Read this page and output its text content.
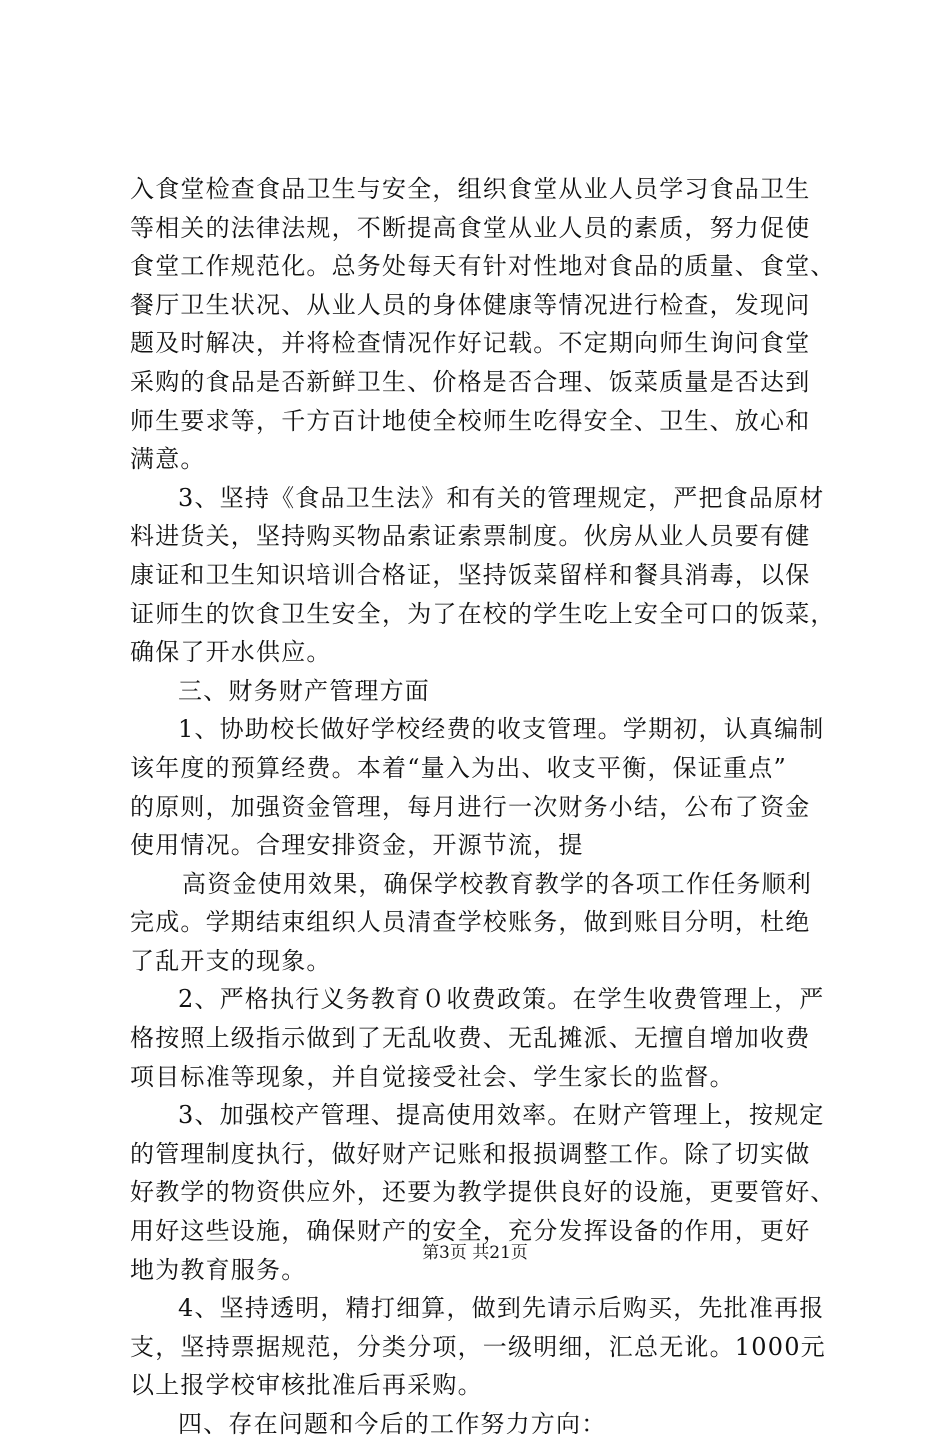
入食堂检查食品卫生与安全，组织食堂从业人员学习食品卫生
等相关的法律法规，不断提高食堂从业人员的素质，努力促使
食堂工作规范化。总务处每天有针对性地对食品的质量、食堂、
餐厅卫生状况、从业人员的身体健康等情况进行检查，发现问
题及时解决，并将检查情况作好记载。不定期向师生询问食堂
采购的食品是否新鲜卫生、价格是否合理、饭菜质量是否达到
师生要求等，千方百计地使全校师生吃得安全、卫生、放心和
满意。
3、坚持《食品卫生法》和有关的管理规定，严把食品原材
料进货关，坚持购买物品索证索票制度。伙房从业人员要有健
康证和卫生知识培训合格证，坚持饭菜留样和餐具消毒，以保
证师生的饮食卫生安全，为了在校的学生吃上安全可口的饭菜，
确保了开水供应。
三、财务财产管理方面
1、协助校长做好学校经费的收支管理。学期初，认真编制
该年度的预算经费。本着“量入为出、收支平衡，保证重点”
的原则，加强资金管理，每月进行一次财务小结，公布了资金
使用情况。合理安排资金，开源节流，提
高资金使用效果，确保学校教育教学的各项工作任务顺利
完成。学期结束组织人员清查学校账务，做到账目分明，杜绝
了乱开支的现象。
2、严格执行义务教育０收费政策。在学生收费管理上，严
格按照上级指示做到了无乱收费、无乱摊派、无擅自增加收费
项目标准等现象，并自觉接受社会、学生家长的监督。
3、加强校产管理、提高使用效率。在财产管理上，按规定
的管理制度执行，做好财产记账和报损调整工作。除了切实做
好教学的物资供应外，还要为教学提供良好的设施，更要管好、
用好这些设施，确保财产的安全，充分发挥设备的作用，更好
地为教育服务。
4、坚持透明，精打细算，做到先请示后购买，先批准再报
支，坚持票据规范，分类分项，一级明细，汇总无讹。1000元
以上报学校审核批准后再采购。
四、存在问题和今后的工作努力方向：
第3页 共21页
